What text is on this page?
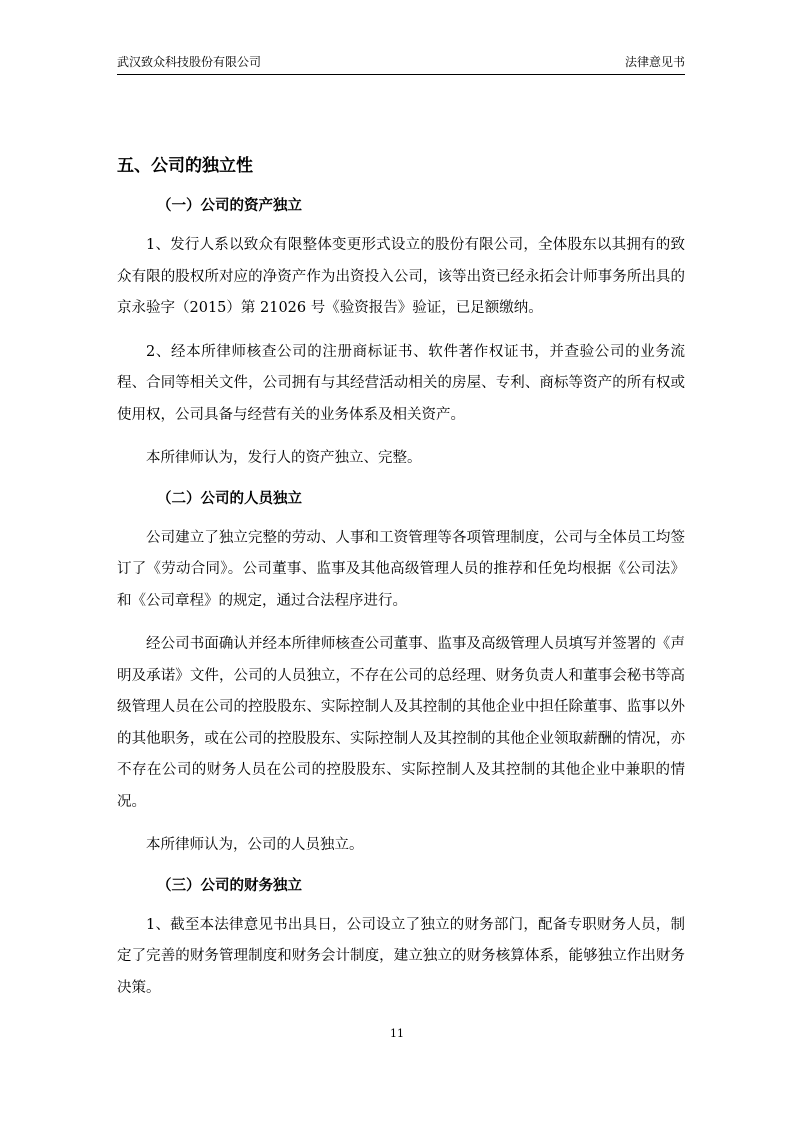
武汉致众科技股份有限公司	法律意见书
五、公司的独立性
（一）公司的资产独立

1、发行人系以致众有限整体变更形式设立的股份有限公司，全体股东以其拥有的致众有限的股权所对应的净资产作为出资投入公司，该等出资已经永拓会计师事务所出具的京永验字（2015）第 21026 号《验资报告》验证，已足额缴纳。

2、经本所律师核查公司的注册商标证书、软件著作权证书，并查验公司的业务流程、合同等相关文件，公司拥有与其经营活动相关的房屋、专利、商标等资产的所有权或使用权，公司具备与经营有关的业务体系及相关资产。

本所律师认为，发行人的资产独立、完整。

（二）公司的人员独立

公司建立了独立完整的劳动、人事和工资管理等各项管理制度，公司与全体员工均签订了《劳动合同》。公司董事、监事及其他高级管理人员的推荐和任免均根据《公司法》和《公司章程》的规定，通过合法程序进行。

经公司书面确认并经本所律师核查公司董事、监事及高级管理人员填写并签署的《声明及承诺》文件，公司的人员独立，不存在公司的总经理、财务负责人和董事会秘书等高级管理人员在公司的控股股东、实际控制人及其控制的其他企业中担任除董事、监事以外的其他职务，或在公司的控股股东、实际控制人及其控制的其他企业领取薪酬的情况，亦不存在公司的财务人员在公司的控股股东、实际控制人及其控制的其他企业中兼职的情况。

本所律师认为，公司的人员独立。

（三）公司的财务独立

1、截至本法律意见书出具日，公司设立了独立的财务部门，配备专职财务人员，制定了完善的财务管理制度和财务会计制度，建立独立的财务核算体系，能够独立作出财务决策。

11
